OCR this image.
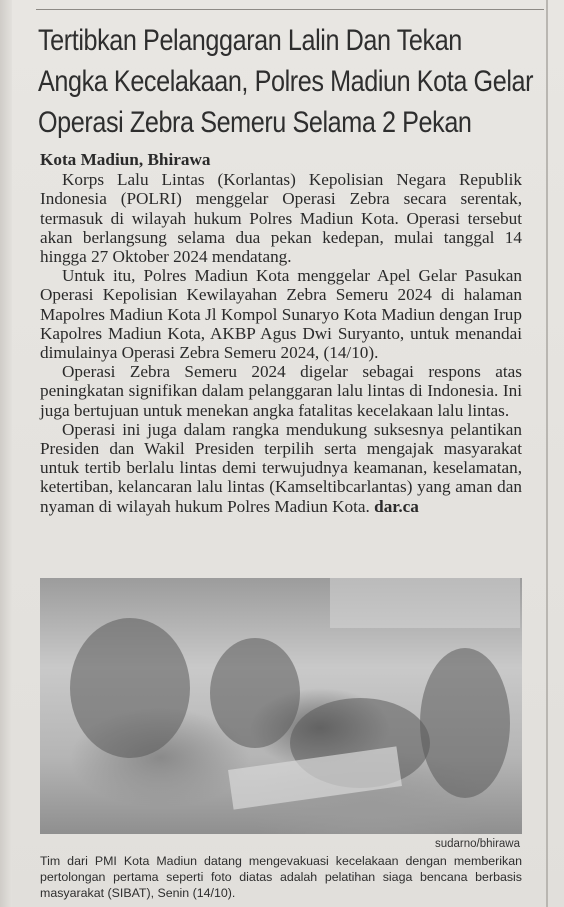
Tertibkan Pelanggaran Lalin Dan Tekan Angka Kecelakaan, Polres Madiun Kota Gelar Operasi Zebra Semeru Selama 2 Pekan
Kota Madiun, Bhirawa

Korps Lalu Lintas (Korlantas) Kepolisian Negara Republik Indonesia (POLRI) menggelar Operasi Zebra secara serentak, termasuk di wilayah hukum Polres Madiun Kota. Operasi tersebut akan berlangsung selama dua pekan kedepan, mulai tanggal 14 hingga 27 Oktober 2024 mendatang.

Untuk itu, Polres Madiun Kota menggelar Apel Gelar Pasukan Operasi Kepolisian Kewilayahan Zebra Semeru 2024 di halaman Mapolres Madiun Kota Jl Kompol Sunaryo Kota Madiun dengan Irup Kapolres Madiun Kota, AKBP Agus Dwi Suryanto, untuk menandai dimulainya Operasi Zebra Semeru 2024, (14/10).

Operasi Zebra Semeru 2024 digelar sebagai respons atas peningkatan signifikan dalam pelanggaran lalu lintas di Indonesia. Ini juga bertujuan untuk menekan angka fatalitas kecelakaan lalu lintas.

Operasi ini juga dalam rangka mendukung suksesnya pelantikan Presiden dan Wakil Presiden terpilih serta mengajak masyarakat untuk tertib berlalu lintas demi terwujudnya keamanan, keselamatan, ketertiban, kelancaran lalu lintas (Kamseltibcarlantas) yang aman dan nyaman di wilayah hukum Polres Madiun Kota. dar.ca

sudarno/bhirawa
Tim dari PMI Kota Madiun datang mengevakuasi kecelakaan dengan memberikan pertolongan pertama seperti foto diatas adalah pelatihan siaga bencana berbasis masyarakat (SIBAT), Senin (14/10).
